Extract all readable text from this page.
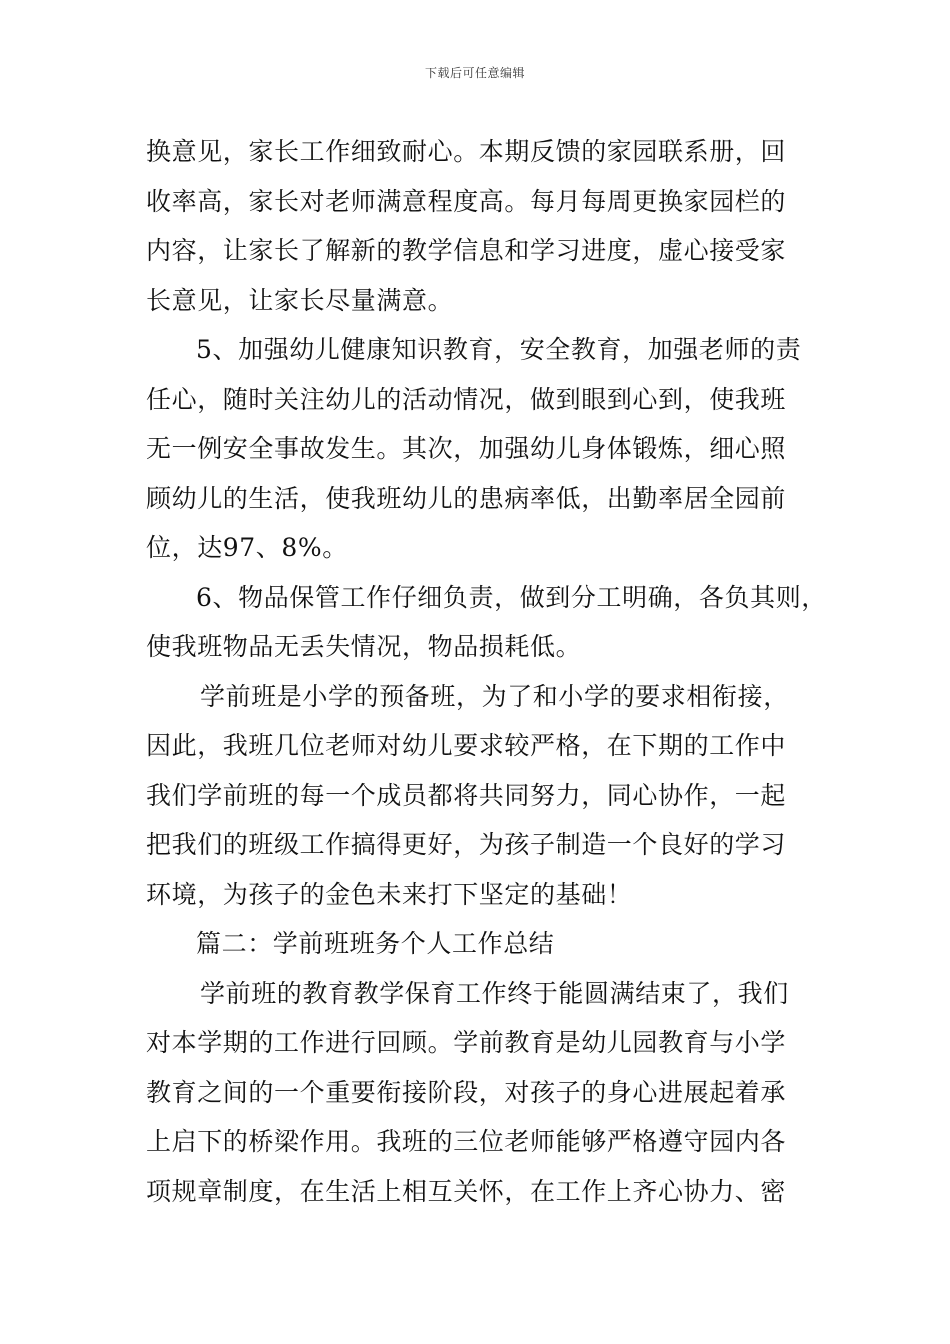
下载后可任意编辑
换意见，家长工作细致耐心。本期反馈的家园联系册，回
收率高，家长对老师满意程度高。每月每周更换家园栏的
内容，让家长了解新的教学信息和学习进度，虚心接受家
长意见，让家长尽量满意。
5、加强幼儿健康知识教育，安全教育，加强老师的责
任心，随时关注幼儿的活动情况，做到眼到心到，使我班
无一例安全事故发生。其次，加强幼儿身体锻炼，细心照
顾幼儿的生活，使我班幼儿的患病率低，出勤率居全园前
位，达97、8%。
6、物品保管工作仔细负责，做到分工明确，各负其则，
使我班物品无丢失情况，物品损耗低。
学前班是小学的预备班，为了和小学的要求相衔接，
因此，我班几位老师对幼儿要求较严格，在下期的工作中
我们学前班的每一个成员都将共同努力，同心协作，一起
把我们的班级工作搞得更好，为孩子制造一个良好的学习
环境，为孩子的金色未来打下坚定的基础！
篇二：学前班班务个人工作总结
学前班的教育教学保育工作终于能圆满结束了，我们
对本学期的工作进行回顾。学前教育是幼儿园教育与小学
教育之间的一个重要衔接阶段，对孩子的身心进展起着承
上启下的桥梁作用。我班的三位老师能够严格遵守园内各
项规章制度，在生活上相互关怀，在工作上齐心协力、密
